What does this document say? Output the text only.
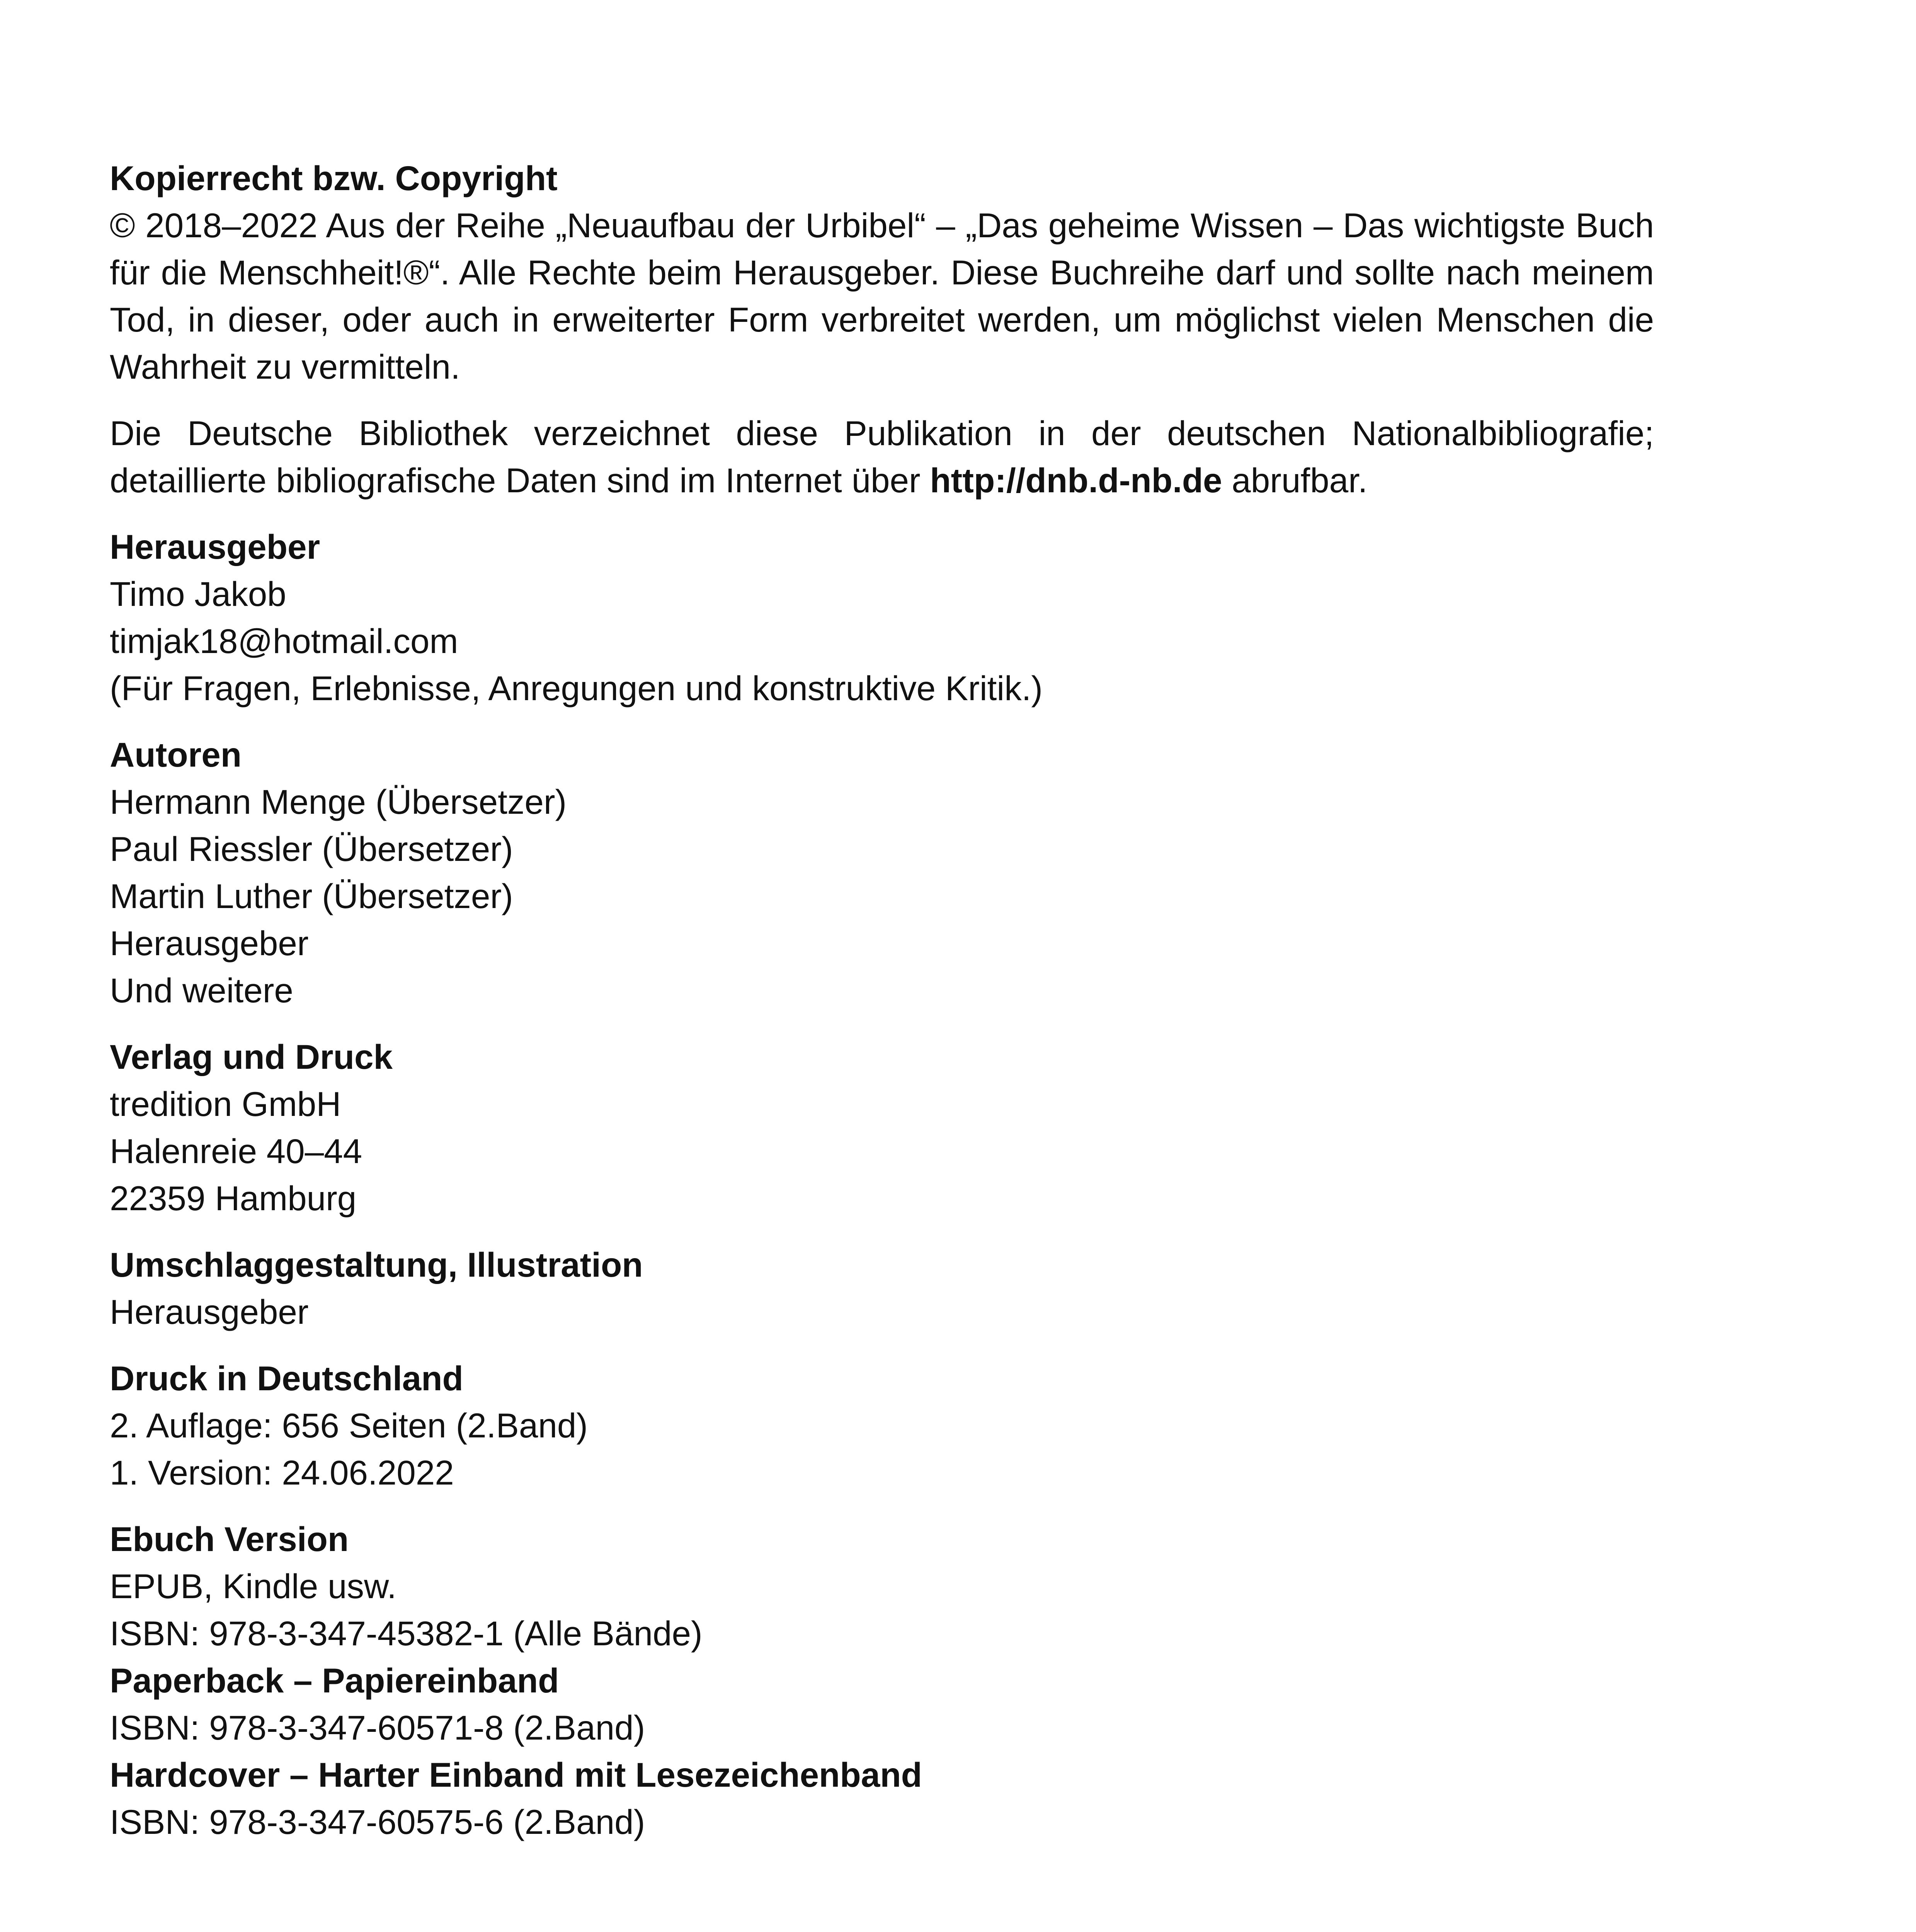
Kopierrecht bzw. Copyright

© 2018–2022 Aus der Reihe „Neuaufbau der Urbibel“ – „Das geheime Wissen – Das wichtigste Buch für die Menschheit!®“. Alle Rechte beim Herausgeber. Diese Buchreihe darf und sollte nach meinem Tod, in dieser, oder auch in erweiterter Form verbreitet werden, um möglichst vielen Menschen die Wahrheit zu vermitteln.

Die Deutsche Bibliothek verzeichnet diese Publikation in der deutschen Nationalbibliografie; detaillierte bibliografische Daten sind im Internet über http://dnb.d-nb.de abrufbar.

Herausgeber
Timo Jakob
timjak18@hotmail.com
(Für Fragen, Erlebnisse, Anregungen und konstruktive Kritik.)
Autoren
Hermann Menge (Übersetzer)
Paul Riessler (Übersetzer)
Martin Luther (Übersetzer)
Herausgeber
Und weitere
Verlag und Druck
tredition GmbH
Halenreie 40–44
22359 Hamburg
Umschlaggestaltung, Illustration
Herausgeber
Druck in Deutschland
2. Auflage: 656 Seiten (2.Band)
1. Version: 24.06.2022
Ebuch Version
EPUB, Kindle usw.
ISBN: 978-3-347-45382-1 (Alle Bände)
Paperback – Papiereinband
ISBN: 978-3-347-60571-8 (2.Band)
Hardcover – Harter Einband mit Lesezeichenband
ISBN: 978-3-347-60575-6 (2.Band)
